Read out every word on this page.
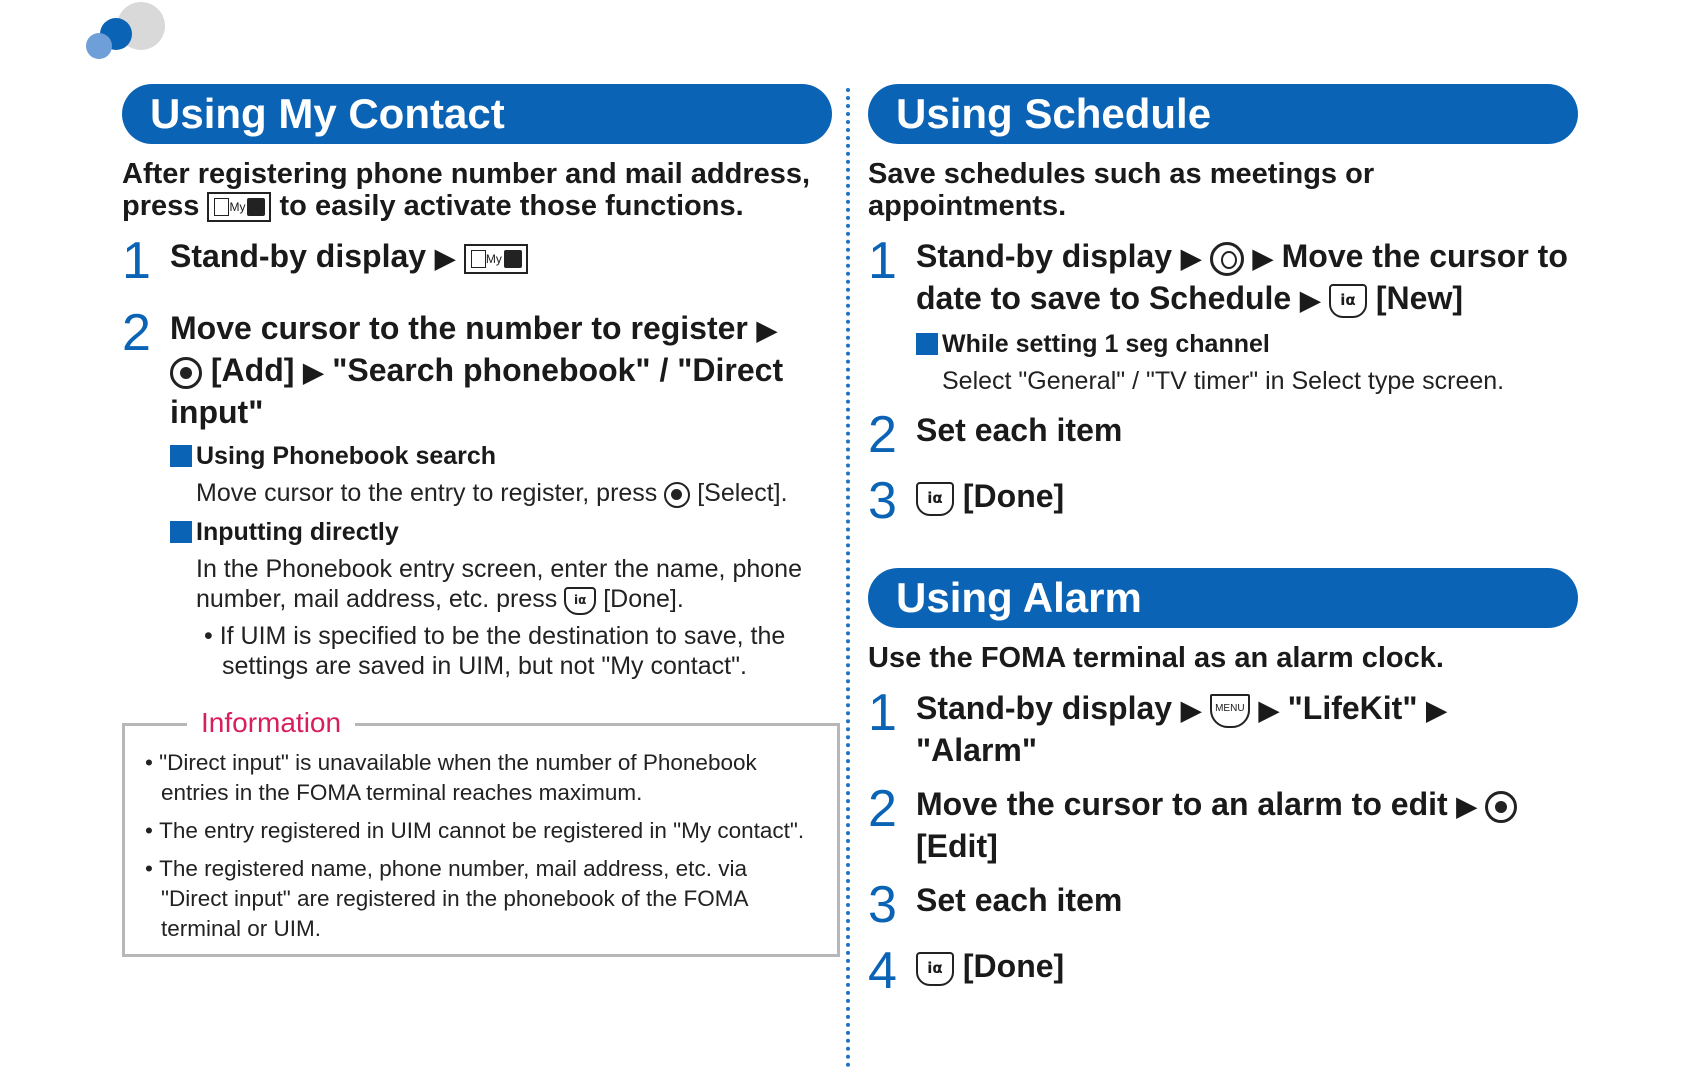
Using My Contact
After registering phone number and mail address,
press	My to easily activate those functions.
1 Stand-by display ▶	My
2 Move cursor to the number to register ▶
[Add] ▶ "Search phonebook" / "Direct input"
Using Phonebook search
Move cursor to the entry to register, press [Select].
Inputting directly
In the Phonebook entry screen, enter the name, phone number, mail address, etc. press iα [Done].
• If UIM is specified to be the destination to save, the settings are saved in UIM, but not "My contact".
Information
• "Direct input" is unavailable when the number of Phonebook entries in the FOMA terminal reaches maximum.
• The entry registered in UIM cannot be registered in "My contact".
• The registered name, phone number, mail address, etc. via "Direct input" are registered in the phonebook of the FOMA terminal or UIM.
Using Schedule
Save schedules such as meetings or appointments.
1 Stand-by display ▶ ▶ Move the cursor to date to save to Schedule ▶ iα [New]
While setting 1 seg channel
Select "General" / "TV timer" in Select type screen.
2 Set each item
3	iα [Done]
Using Alarm
Use the FOMA terminal as an alarm clock.
1 Stand-by display ▶ MENU ▶ "LifeKit" ▶
"Alarm"
2 Move the cursor to an alarm to edit ▶
[Edit]
3 Set each item
4	iα [Done]
